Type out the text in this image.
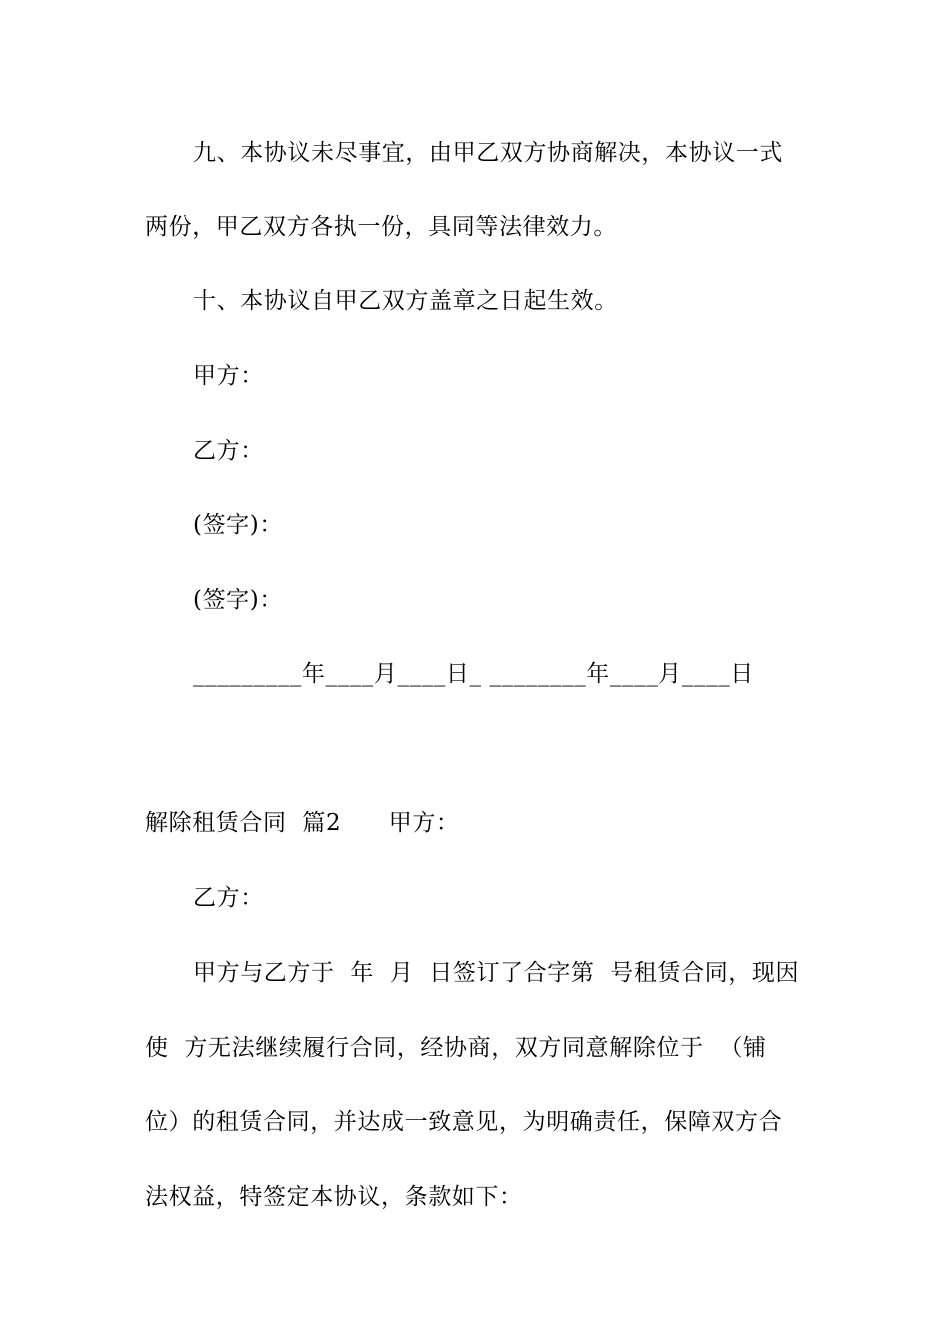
九、本协议未尽事宜，由甲乙双方协商解决，本协议一式
两份，甲乙双方各执一份，具同等法律效力。
十、本协议自甲乙双方盖章之日起生效。
甲方：
乙方：
(签字)：
(签字)：
_________年____月____日_ ________年____月____日
解除租赁合同  篇2      甲方：
乙方：
甲方与乙方于  年  月  日签订了合字第  号租赁合同，现因
使  方无法继续履行合同，经协商，双方同意解除位于  （铺
位）的租赁合同，并达成一致意见，为明确责任，保障双方合
法权益，特签定本协议，条款如下：
